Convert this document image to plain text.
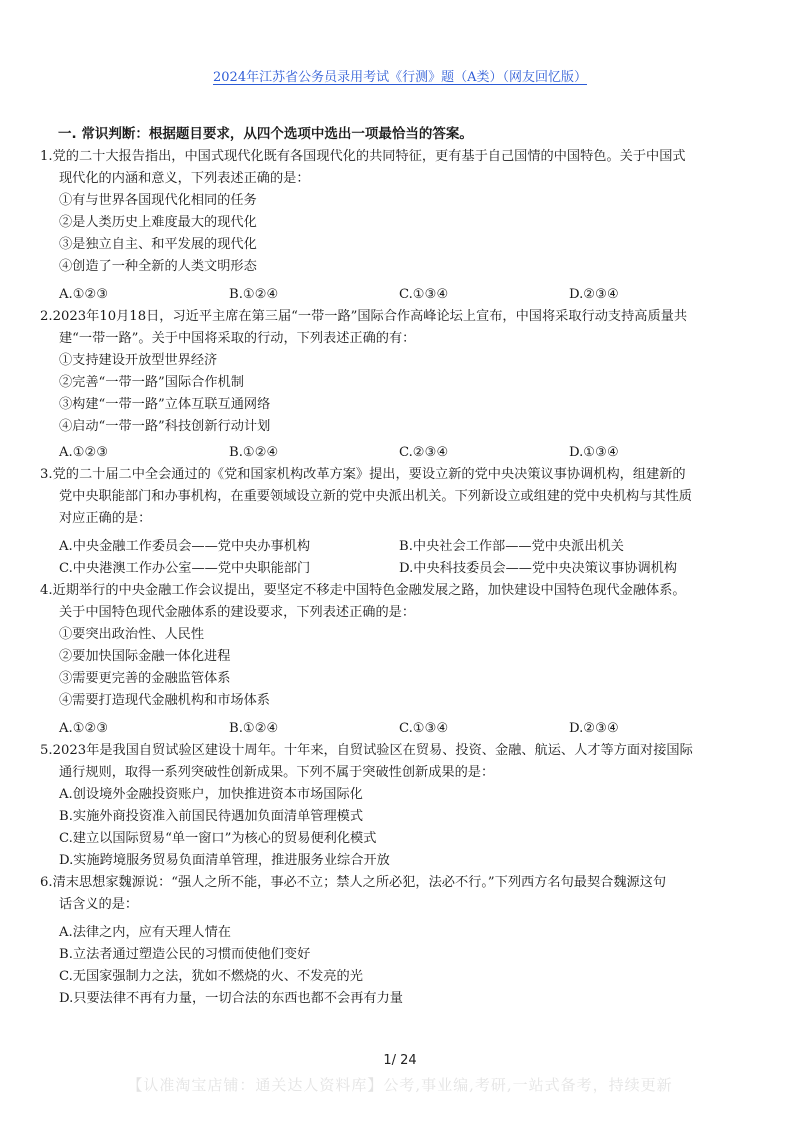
2024年江苏省公务员录用考试《行测》题（A类）（网友回忆版）
一. 常识判断：根据题目要求，从四个选项中选出一项最恰当的答案。
1.党的二十大报告指出，中国式现代化既有各国现代化的共同特征，更有基于自己国情的中国特色。关于中国式
现代化的内涵和意义，下列表述正确的是：
①有与世界各国现代化相同的任务
②是人类历史上难度最大的现代化
③是独立自主、和平发展的现代化
④创造了一种全新的人类文明形态
A.①②③	B.①②④	C.①③④	D.②③④
2.2023年10月18日，习近平主席在第三届“一带一路”国际合作高峰论坛上宣布，中国将采取行动支持高质量共
建“一带一路”。关于中国将采取的行动，下列表述正确的有：
①支持建设开放型世界经济
②完善“一带一路”国际合作机制
③构建“一带一路”立体互联互通网络
④启动“一带一路”科技创新行动计划
A.①②③	B.①②④	C.②③④	D.①③④
3.党的二十届二中全会通过的《党和国家机构改革方案》提出，要设立新的党中央决策议事协调机构，组建新的
党中央职能部门和办事机构，在重要领域设立新的党中央派出机关。下列新设立或组建的党中央机构与其性质
对应正确的是：
A.中央金融工作委员会——党中央办事机构	B.中央社会工作部——党中央派出机关
C.中央港澳工作办公室——党中央职能部门	D.中央科技委员会——党中央决策议事协调机构
4.近期举行的中央金融工作会议提出，要坚定不移走中国特色金融发展之路，加快建设中国特色现代金融体系。
关于中国特色现代金融体系的建设要求，下列表述正确的是：
①要突出政治性、人民性
②要加快国际金融一体化进程
③需要更完善的金融监管体系
④需要打造现代金融机构和市场体系
A.①②③	B.①②④	C.①③④	D.②③④
5.2023年是我国自贸试验区建设十周年。十年来，自贸试验区在贸易、投资、金融、航运、人才等方面对接国际
通行规则，取得一系列突破性创新成果。下列不属于突破性创新成果的是：
A.创设境外金融投资账户，加快推进资本市场国际化
B.实施外商投资准入前国民待遇加负面清单管理模式
C.建立以国际贸易“单一窗口”为核心的贸易便利化模式
D.实施跨境服务贸易负面清单管理，推进服务业综合开放
6.清末思想家魏源说：“强人之所不能，事必不立；禁人之所必犯，法必不行。”下列西方名句最契合魏源这句
话含义的是：
A.法律之内，应有天理人情在
B.立法者通过塑造公民的习惯而使他们变好
C.无国家强制力之法，犹如不燃烧的火、不发亮的光
D.只要法律不再有力量，一切合法的东西也都不会再有力量
1/ 24
【认准淘宝店铺：通关达人资料库】公考,事业编,考研,一站式备考，持续更新
